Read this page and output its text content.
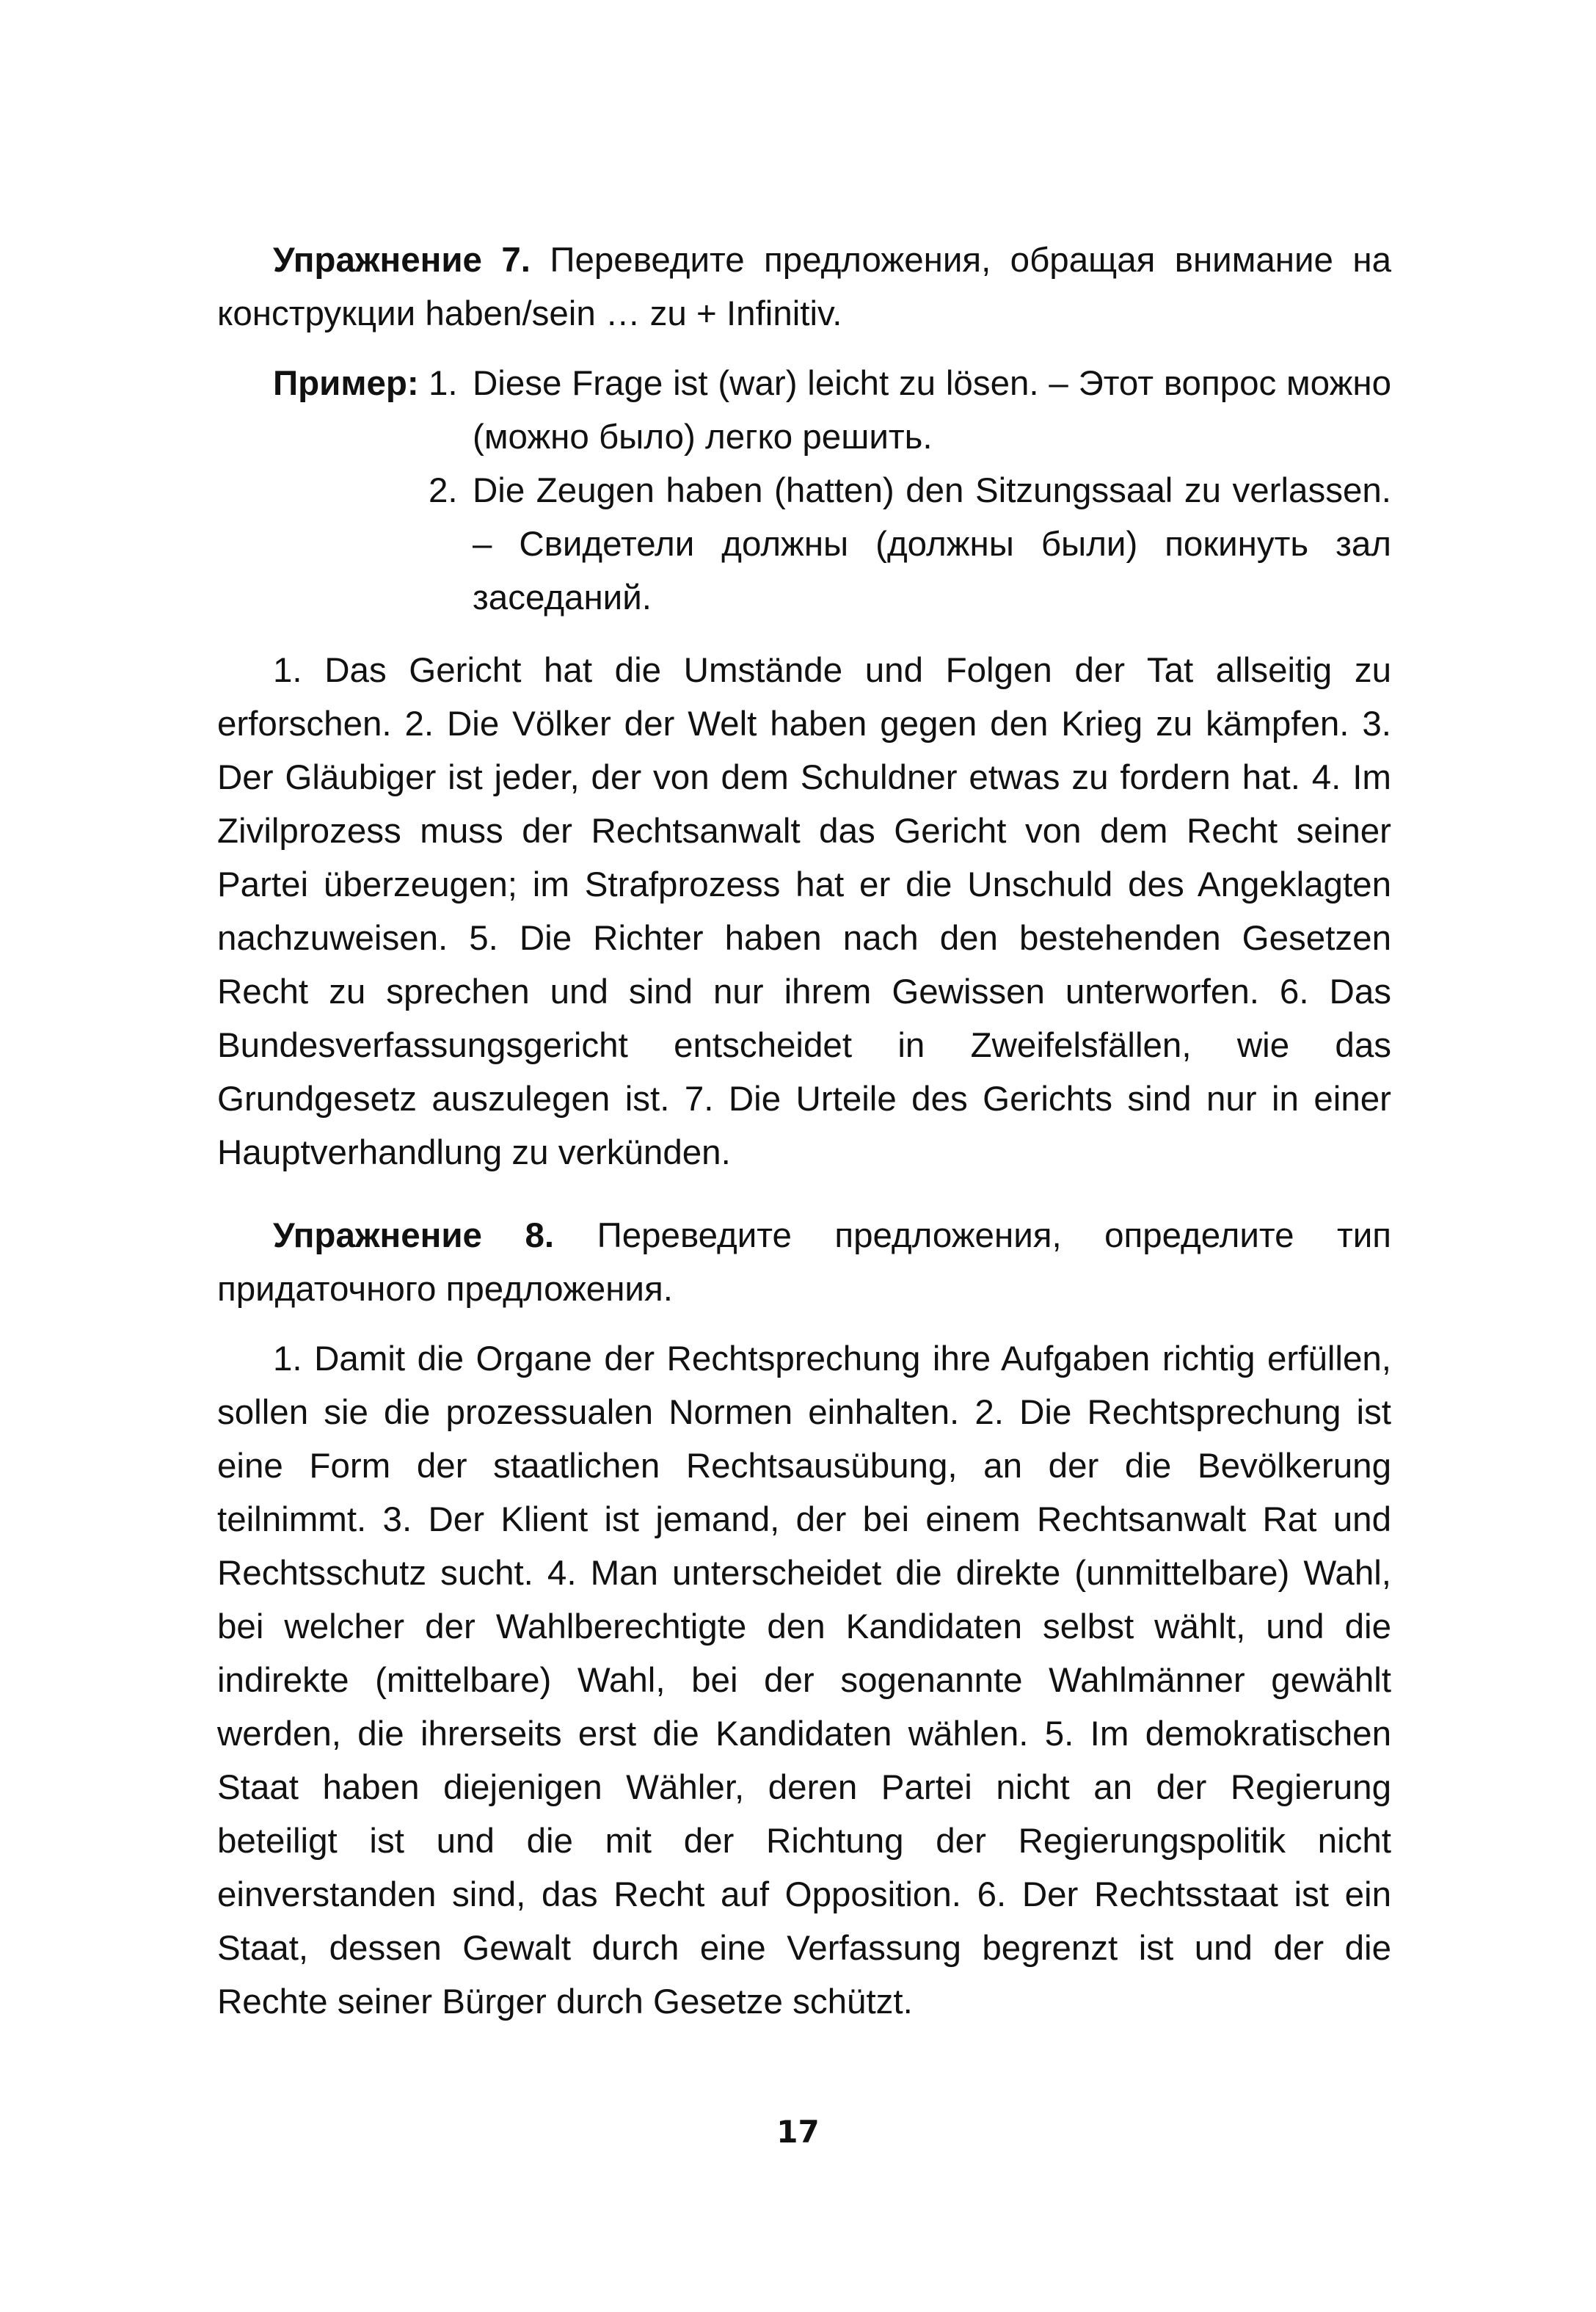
Упражнение 7. Переведите предложения, обращая внимание на конструкции haben/sein … zu + Infinitiv.

Пример: 1. Diese Frage ist (war) leicht zu lösen. – Этот вопрос можно (можно было) легко решить.
2. Die Zeugen haben (hatten) den Sitzungssaal zu verlassen. – Свидетели должны (должны были) покинуть зал заседаний.

1. Das Gericht hat die Umstände und Folgen der Tat allseitig zu erforschen. 2. Die Völker der Welt haben gegen den Krieg zu kämpfen. 3. Der Gläubiger ist jeder, der von dem Schuldner etwas zu fordern hat. 4. Im Zivilprozess muss der Rechtsanwalt das Gericht von dem Recht seiner Partei überzeugen; im Strafprozess hat er die Unschuld des Angeklagten nachzuweisen. 5. Die Richter haben nach den bestehenden Gesetzen Recht zu sprechen und sind nur ihrem Gewissen unterworfen. 6. Das Bundesverfassungsgericht entscheidet in Zweifelsfällen, wie das Grundgesetz auszulegen ist. 7. Die Urteile des Gerichts sind nur in einer Hauptverhandlung zu verkünden.

Упражнение 8. Переведите предложения, определите тип придаточного предложения.

1. Damit die Organe der Rechtsprechung ihre Aufgaben richtig erfüllen, sollen sie die prozessualen Normen einhalten. 2. Die Rechtsprechung ist eine Form der staatlichen Rechtsausübung, an der die Bevölkerung teilnimmt. 3. Der Klient ist jemand, der bei einem Rechtsanwalt Rat und Rechtsschutz sucht. 4. Man unterscheidet die direkte (unmittelbare) Wahl, bei welcher der Wahlberechtigte den Kandidaten selbst wählt, und die indirekte (mittelbare) Wahl, bei der sogenannte Wahlmänner gewählt werden, die ihrerseits erst die Kandidaten wählen. 5. Im demokratischen Staat haben diejenigen Wähler, deren Partei nicht an der Regierung beteiligt ist und die mit der Richtung der Regierungspolitik nicht einverstanden sind, das Recht auf Opposition. 6. Der Rechtsstaat ist ein Staat, dessen Gewalt durch eine Verfassung begrenzt ist und der die Rechte seiner Bürger durch Gesetze schützt.

17
